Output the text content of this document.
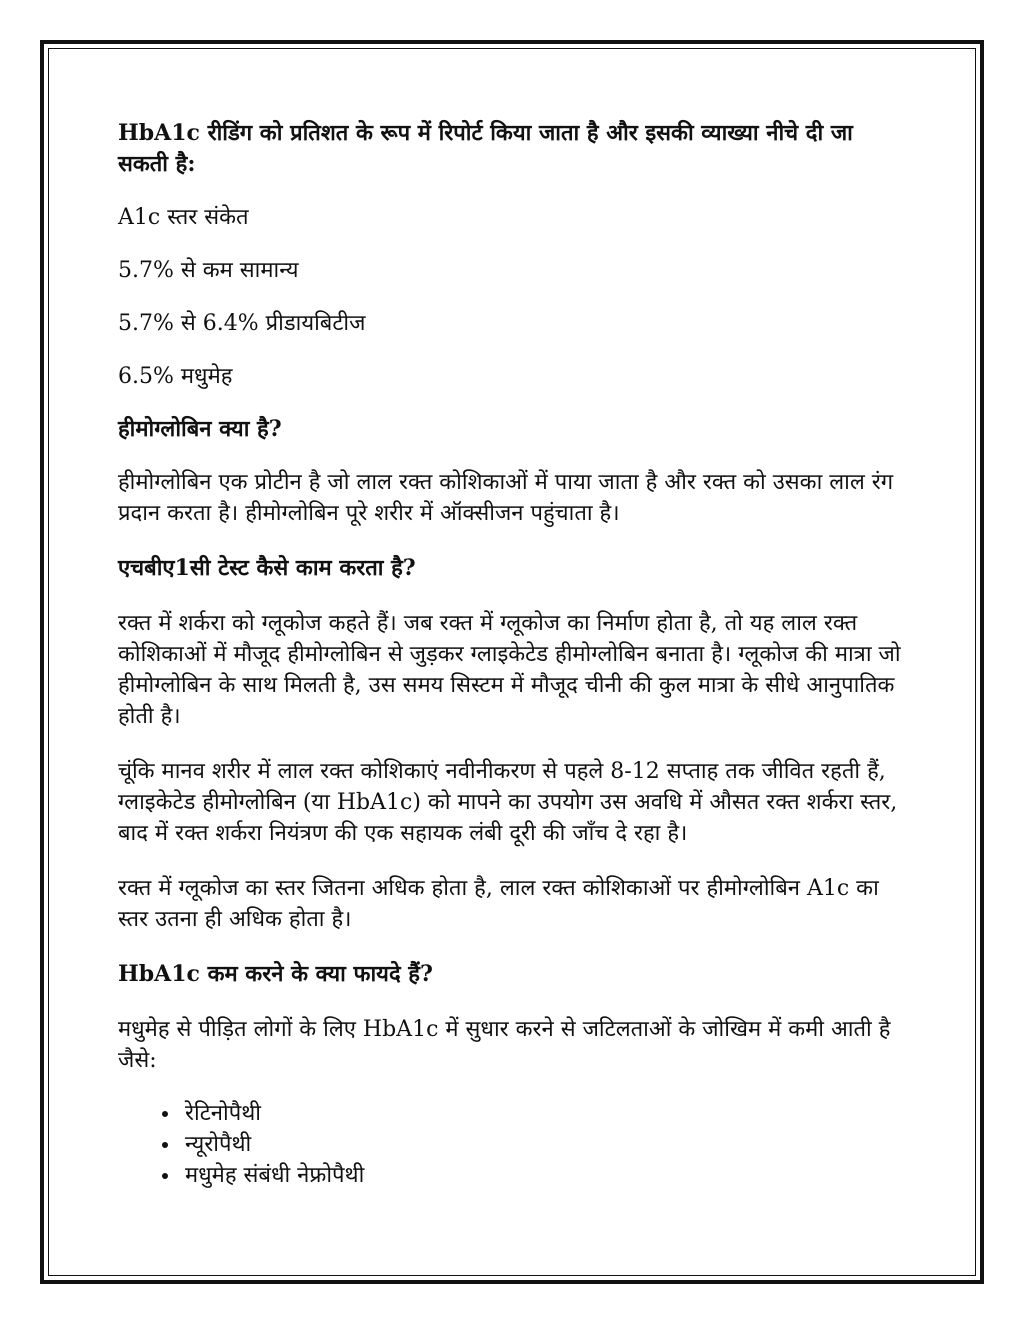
HbA1c रीडिंग को प्रतिशत के रूप में रिपोर्ट किया जाता है और इसकी व्याख्या नीचे दी जा सकती है:

A1c स्तर संकेत

5.7% से कम सामान्य

5.7% से 6.4% प्रीडायबिटीज

6.5% मधुमेह

हीमोग्लोबिन क्या है?

हीमोग्लोबिन एक प्रोटीन है जो लाल रक्त कोशिकाओं में पाया जाता है और रक्त को उसका लाल रंग प्रदान करता है। हीमोग्लोबिन पूरे शरीर में ऑक्सीजन पहुंचाता है।

एचबीए1सी टेस्ट कैसे काम करता है?

रक्त में शर्करा को ग्लूकोज कहते हैं। जब रक्त में ग्लूकोज का निर्माण होता है, तो यह लाल रक्त कोशिकाओं में मौजूद हीमोग्लोबिन से जुड़कर ग्लाइकेटेड हीमोग्लोबिन बनाता है। ग्लूकोज की मात्रा जो हीमोग्लोबिन के साथ मिलती है, उस समय सिस्टम में मौजूद चीनी की कुल मात्रा के सीधे आनुपातिक होती है।

चूंकि मानव शरीर में लाल रक्त कोशिकाएं नवीनीकरण से पहले 8-12 सप्ताह तक जीवित रहती हैं, ग्लाइकेटेड हीमोग्लोबिन (या HbA1c) को मापने का उपयोग उस अवधि में औसत रक्त शर्करा स्तर, बाद में रक्त शर्करा नियंत्रण की एक सहायक लंबी दूरी की जाँच दे रहा है।

रक्त में ग्लूकोज का स्तर जितना अधिक होता है, लाल रक्त कोशिकाओं पर हीमोग्लोबिन A1c का स्तर उतना ही अधिक होता है।

HbA1c कम करने के क्या फायदे हैं?

मधुमेह से पीड़ित लोगों के लिए HbA1c में सुधार करने से जटिलताओं के जोखिम में कमी आती है जैसे:

• रेटिनोपैथी
• न्यूरोपैथी
• मधुमेह संबंधी नेफ्रोपैथी
